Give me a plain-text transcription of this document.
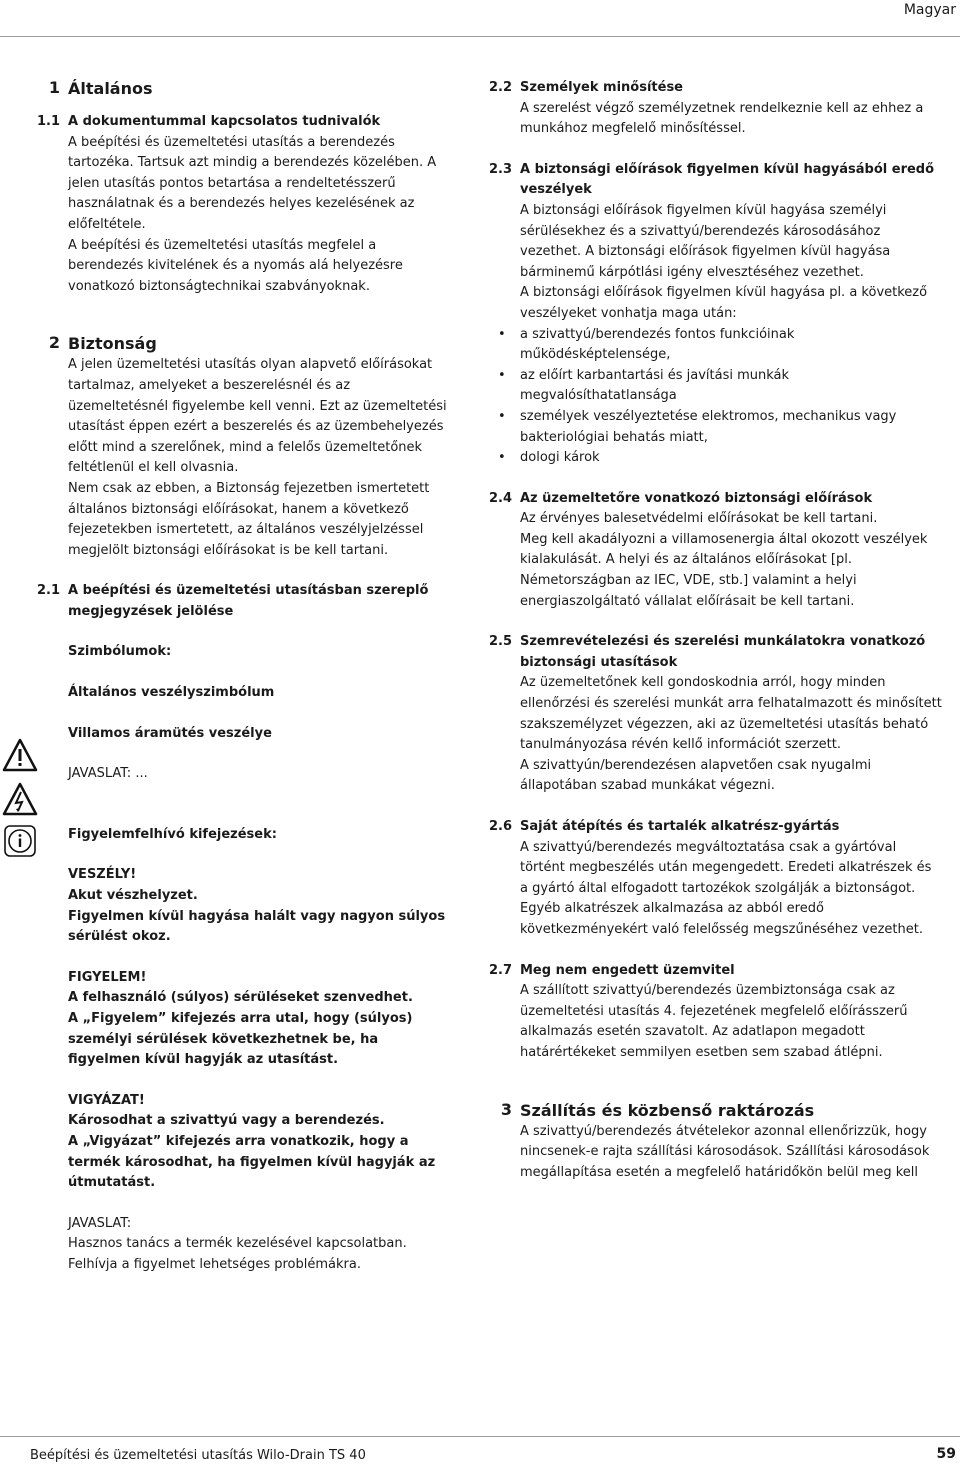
Magyar
1 Általános
1.1 A dokumentummal kapcsolatos tudnivalók
A beépítési és üzemeltetési utasítás a berendezés tartozéka. Tartsuk azt mindig a berendezés közelében. A jelen utasítás pontos betartása a rendeltetésszerű használatnak és a berendezés helyes kezelésének az előfeltétele.
A beépítési és üzemeltetési utasítás megfelel a berendezés kivitelének és a nyomás alá helyezésre vonatkozó biztonságtechnikai szabványoknak.
2 Biztonság
A jelen üzemeltetési utasítás olyan alapvető előírásokat tartalmaz, amelyeket a beszerelésnél és az üzemeltetésnél figyelembe kell venni. Ezt az üzemeltetési utasítást éppen ezért a beszerelés és az üzembehelyezés előtt mind a szerelőnek, mind a felelős üzemeltetőnek feltétlenül el kell olvasnia.
Nem csak az ebben, a Biztonság fejezetben ismertetett általános biztonsági előírásokat, hanem a következő fejezetekben ismertetett, az általános veszélyjelzéssel megjelölt biztonsági előírásokat is be kell tartani.
2.1 A beépítési és üzemeltetési utasításban szereplő megjegyzések jelölése
Szimbólumok:
Általános veszélyszimbólum
Villamos áramütés veszélye
JAVASLAT: ...
Figyelemfelhívó kifejezések:
VESZÉLY!
Akut vészhelyzet.
Figyelmen kívül hagyása halált vagy nagyon súlyos sérülést okoz.
FIGYELEM!
A felhasználó (súlyos) sérüléseket szenvedhet.
A „Figyelem” kifejezés arra utal, hogy (súlyos) személyi sérülések következhetnek be, ha figyelmen kívül hagyják az utasítást.
VIGYÁZAT!
Károsodhat a szivattyú vagy a berendezés.
A „Vigyázat” kifejezés arra vonatkozik, hogy a termék károsodhat, ha figyelmen kívül hagyják az útmutatást.
JAVASLAT:
Hasznos tanács a termék kezelésével kapcsolatban. Felhívja a figyelmet lehetséges problémákra.
2.2 Személyek minősítése
A szerelést végző személyzetnek rendelkeznie kell az ehhez a munkához megfelelő minősítéssel.
2.3 A biztonsági előírások figyelmen kívül hagyásából eredő veszélyek
A biztonsági előírások figyelmen kívül hagyása személyi sérülésekhez és a szivattyú/berendezés károsodásához vezethet. A biztonsági előírások figyelmen kívül hagyása bárminemű kárpótlási igény elvesztéséhez vezethet.
A biztonsági előírások figyelmen kívül hagyása pl. a következő veszélyeket vonhatja maga után:
• a szivattyú/berendezés fontos funkcióinak működésképtelensége,
• az előírt karbantartási és javítási munkák megvalósíthatatlansága
• személyek veszélyeztetése elektromos, mechanikus vagy bakteriológiai behatás miatt,
• dologi károk
2.4 Az üzemeltetőre vonatkozó biztonsági előírások
Az érvényes balesetvédelmi előírásokat be kell tartani.
Meg kell akadályozni a villamosenergia által okozott veszélyek kialakulását. A helyi és az általános előírásokat [pl. Németországban az IEC, VDE, stb.] valamint a helyi energiaszolgáltató vállalat előírásait be kell tartani.
2.5 Szemrevételezési és szerelési munkálatokra vonatkozó biztonsági utasítások
Az üzemeltetőnek kell gondoskodnia arról, hogy minden ellenőrzési és szerelési munkát arra felhatalmazott és minősített szakszemélyzet végezzen, aki az üzemeltetési utasítás beható tanulmányozása révén kellő információt szerzett.
A szivattyún/berendezésen alapvetően csak nyugalmi állapotában szabad munkákat végezni.
2.6 Saját átépítés és tartalék alkatrész-gyártás
A szivattyú/berendezés megváltoztatása csak a gyártóval történt megbeszélés után megengedett. Eredeti alkatrészek és a gyártó által elfogadott tartozékok szolgálják a biztonságot. Egyéb alkatrészek alkalmazása az abból eredő következményekért való felelősség megszűnéséhez vezethet.
2.7 Meg nem engedett üzemvitel
A szállított szivattyú/berendezés üzembiztonsága csak az üzemeltetési utasítás 4. fejezetének megfelelő előírásszerű alkalmazás esetén szavatolt. Az adatlapon megadott határértékeket semmilyen esetben sem szabad átlépni.
3 Szállítás és közbenső raktározás
A szivattyú/berendezés átvételekor azonnal ellenőrizzük, hogy nincsenek-e rajta szállítási károsodások. Szállítási károsodások megállapítása esetén a megfelelő határidőkön belül meg kell
Beépítési és üzemeltetési utasítás Wilo-Drain TS 40	59
